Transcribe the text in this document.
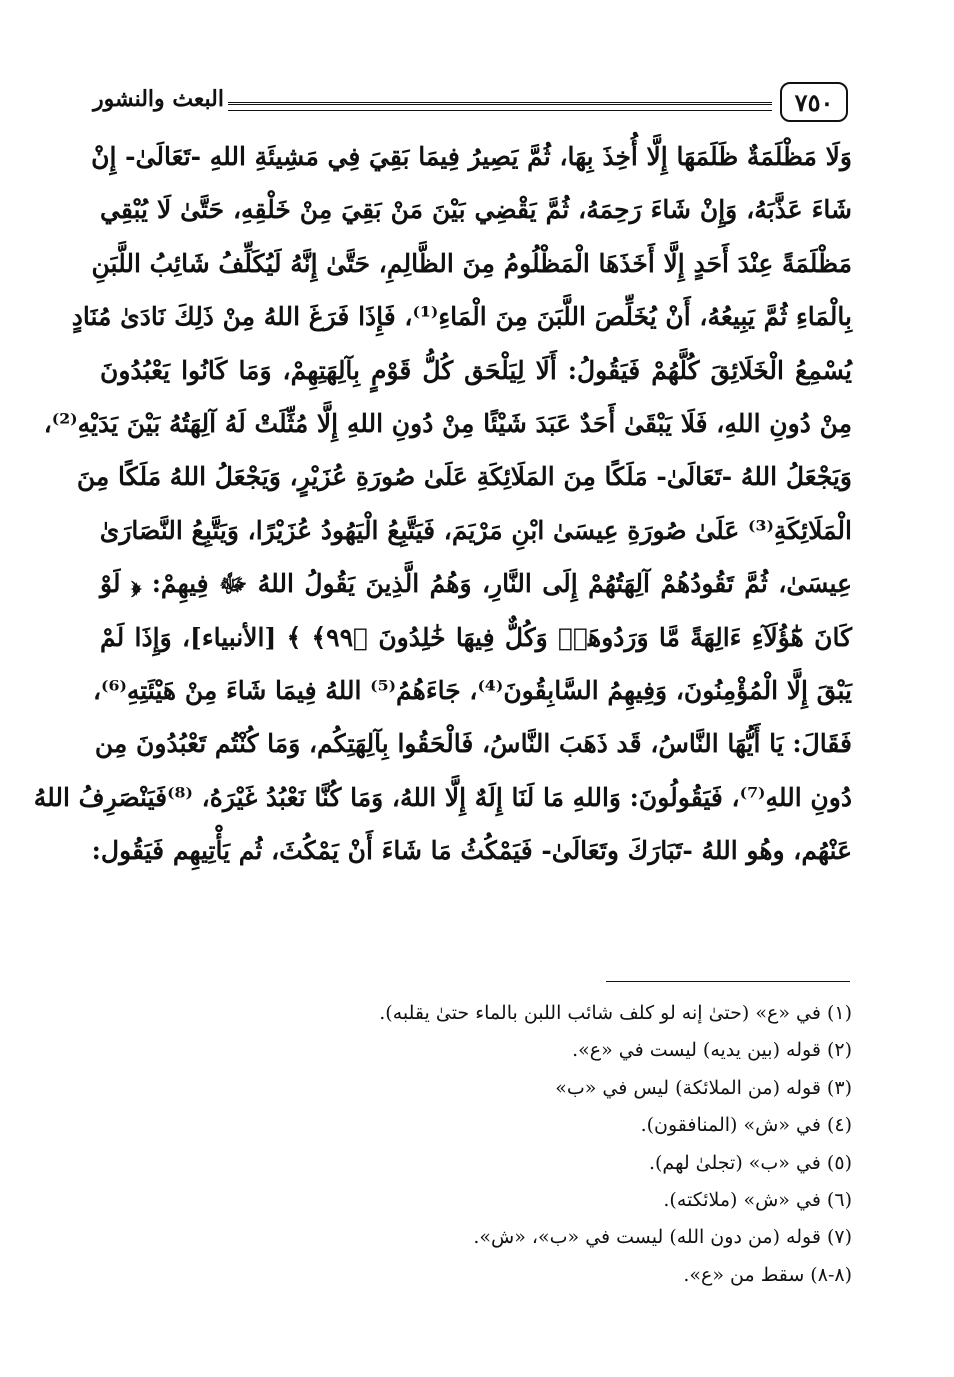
٧٥٠
البعث والنشور
وَلَا مَظْلَمَةٌ ظَلَمَهَا إِلَّا أُخِذَ بِهَا، ثُمَّ يَصِيرُ فِيمَا بَقِيَ فِي مَشِيئَةِ اللهِ -تَعَالَىٰ- إِنْ
شَاءَ عَذَّبَهُ، وَإِنْ شَاءَ رَحِمَهُ، ثُمَّ يَقْضِي بَيْنَ مَنْ بَقِيَ مِنْ خَلْقِهِ، حَتَّىٰ لَا يُبْقِي
مَظْلَمَةً عِنْدَ أَحَدٍ إِلَّا أَخَذَهَا الْمَظْلُومُ مِنَ الظَّالِمِ، حَتَّىٰ إِنَّهُ لَيُكَلِّفُ شَائِبُ اللَّبَنِ
بِالْمَاءِ ثُمَّ يَبِيعُهُ، أَنْ يُخَلِّصَ اللَّبَنَ مِنَ الْمَاءِ⁽¹⁾، فَإِذَا فَرَغَ اللهُ مِنْ ذَلِكَ نَادَىٰ مُنَادٍ
يُسْمِعُ الْخَلَائِقَ كُلَّهُمْ فَيَقُولُ: أَلَا لِيَلْحَق كُلُّ قَوْمٍ بِآلِهَتِهِمْ، وَمَا كَانُوا يَعْبُدُونَ
مِنْ دُونِ اللهِ، فَلَا يَبْقَىٰ أَحَدٌ عَبَدَ شَيْئًا مِنْ دُونِ اللهِ إِلَّا مُثِّلَتْ لَهُ آلِهَتُهُ بَيْنَ يَدَيْهِ⁽²⁾،
وَيَجْعَلُ اللهُ -تَعَالَىٰ- مَلَكًا مِنَ المَلَائِكَةِ عَلَىٰ صُورَةِ عُزَيْرٍ، وَيَجْعَلُ اللهُ مَلَكًا مِنَ
الْمَلَائِكَةِ⁽³⁾ عَلَىٰ صُورَةِ عِيسَىٰ ابْنِ مَرْيَمَ، فَيَتَّبِعُ الْيَهُودُ عُزَيْرًا، وَيَتَّبِعُ النَّصَارَىٰ
عِيسَىٰ، ثُمَّ تَقُودُهُمْ آلِهَتُهُمْ إِلَى النَّارِ، وَهُمُ الَّذِينَ يَقُولُ اللهُ ﷻ فِيهِمْ: ﴿ لَوْ
كَانَ هَٰٓؤُلَآءِ ءَالِهَةً مَّا وَرَدُوهَاۖ وَكُلٌّ فِيهَا خَٰلِدُونَ ﴿٩٩﴾ ﴾ [الأنبياء]، وَإِذَا لَمْ
يَبْقَ إِلَّا الْمُؤْمِنُونَ، وَفِيهِمُ السَّابِقُونَ⁽⁴⁾، جَاءَهُمُ⁽⁵⁾ اللهُ فِيمَا شَاءَ مِنْ هَيْئَتِهِ⁽⁶⁾،
فَقَالَ: يَا أَيُّهَا النَّاسُ، قَد ذَهَبَ النَّاسُ، فَالْحَقُوا بِآلِهَتِكُم، وَمَا كُنْتُم تَعْبُدُونَ مِن
دُونِ اللهِ⁽⁷⁾، فَيَقُولُونَ: وَاللهِ مَا لَنَا إِلَهٌ إِلَّا اللهُ، وَمَا كُنَّا نَعْبُدُ غَيْرَهُ، ⁽⁸⁾فَيَنْصَرِفُ اللهُ
عَنْهُم، وهُو اللهُ -تَبَارَكَ وتَعَالَىٰ- فَيَمْكُثُ مَا شَاءَ أَنْ يَمْكُثَ، ثُم يَأْتِيهِم فَيَقُول:
(١) في «ع» (حتىٰ إنه لو كلف شائب اللبن بالماء حتىٰ يقلبه).
(٢) قوله (بين يديه) ليست في «ع».
(٣) قوله (من الملائكة) ليس في «ب»
(٤) في «ش» (المنافقون).
(٥) في «ب» (تجلىٰ لهم).
(٦) في «ش» (ملائكته).
(٧) قوله (من دون الله) ليست في «ب»، «ش».
(٨-٨) سقط من «ع».
